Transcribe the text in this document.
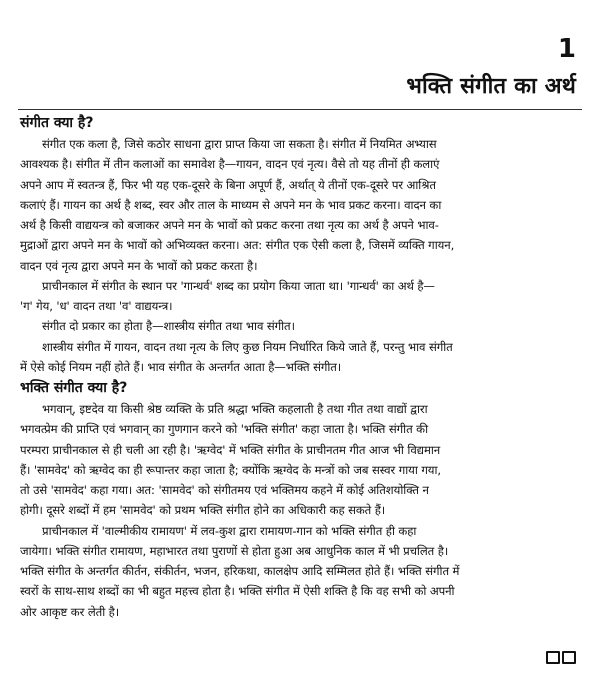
1
भक्ति संगीत का अर्थ
संगीत क्या है?
संगीत एक कला है, जिसे कठोर साधना द्वारा प्राप्त किया जा सकता है। संगीत में नियमित अभ्यास
आवश्यक है। संगीत में तीन कलाओं का समावेश है—गायन, वादन एवं नृत्य। वैसे तो यह तीनों ही कलाएं
अपने आप में स्वतन्त्र हैं, फिर भी यह एक-दूसरे के बिना अपूर्ण हैं, अर्थात् ये तीनों एक-दूसरे पर आश्रित
कलाएं हैं। गायन का अर्थ है शब्द, स्वर और ताल के माध्यम से अपने मन के भाव प्रकट करना। वादन का
अर्थ है किसी वाद्ययन्त्र को बजाकर अपने मन के भावों को प्रकट करना तथा नृत्य का अर्थ है अपने भाव-
मुद्राओं द्वारा अपने मन के भावों को अभिव्यक्त करना। अत: संगीत एक ऐसी कला है, जिसमें व्यक्ति गायन,
वादन एवं नृत्य द्वारा अपने मन के भावों को प्रकट करता है।
प्राचीनकाल में संगीत के स्थान पर 'गान्धर्व' शब्द का प्रयोग किया जाता था। 'गान्धर्व' का अर्थ है—
'ग' गेय, 'ध' वादन तथा 'व' वाद्ययन्त्र।
संगीत दो प्रकार का होता है—शास्त्रीय संगीत तथा भाव संगीत।
शास्त्रीय संगीत में गायन, वादन तथा नृत्य के लिए कुछ नियम निर्धारित किये जाते हैं, परन्तु भाव संगीत
में ऐसे कोई नियम नहीं होते हैं। भाव संगीत के अन्तर्गत आता है—भक्ति संगीत।
भक्ति संगीत क्या है?
भगवान्, इष्टदेव या किसी श्रेष्ठ व्यक्ति के प्रति श्रद्धा भक्ति कहलाती है तथा गीत तथा वाद्यों द्वारा
भगवत्प्रेम की प्राप्ति एवं भगवान् का गुणगान करने को 'भक्ति संगीत' कहा जाता है। भक्ति संगीत की
परम्परा प्राचीनकाल से ही चली आ रही है। 'ऋग्वेद' में भक्ति संगीत के प्राचीनतम गीत आज भी विद्यमान
हैं। 'सामवेद' को ऋग्वेद का ही रूपान्तर कहा जाता है; क्योंकि ऋग्वेद के मन्त्रों को जब सस्वर गाया गया,
तो उसे 'सामवेद' कहा गया। अत: 'सामवेद' को संगीतमय एवं भक्तिमय कहने में कोई अतिशयोक्ति न
होगी। दूसरे शब्दों में हम 'सामवेद' को प्रथम भक्ति संगीत होने का अधिकारी कह सकते हैं।
प्राचीनकाल में 'वाल्मीकीय रामायण' में लव-कुश द्वारा रामायण-गान को भक्ति संगीत ही कहा
जायेगा। भक्ति संगीत रामायण, महाभारत तथा पुराणों से होता हुआ अब आधुनिक काल में भी प्रचलित है।
भक्ति संगीत के अन्तर्गत कीर्तन, संकीर्तन, भजन, हरिकथा, कालक्षेप आदि सम्मिलत होते हैं। भक्ति संगीत में
स्वरों के साथ-साथ शब्दों का भी बहुत महत्त्व होता है। भक्ति संगीत में ऐसी शक्ति है कि वह सभी को अपनी
ओर आकृष्ट कर लेती है।
